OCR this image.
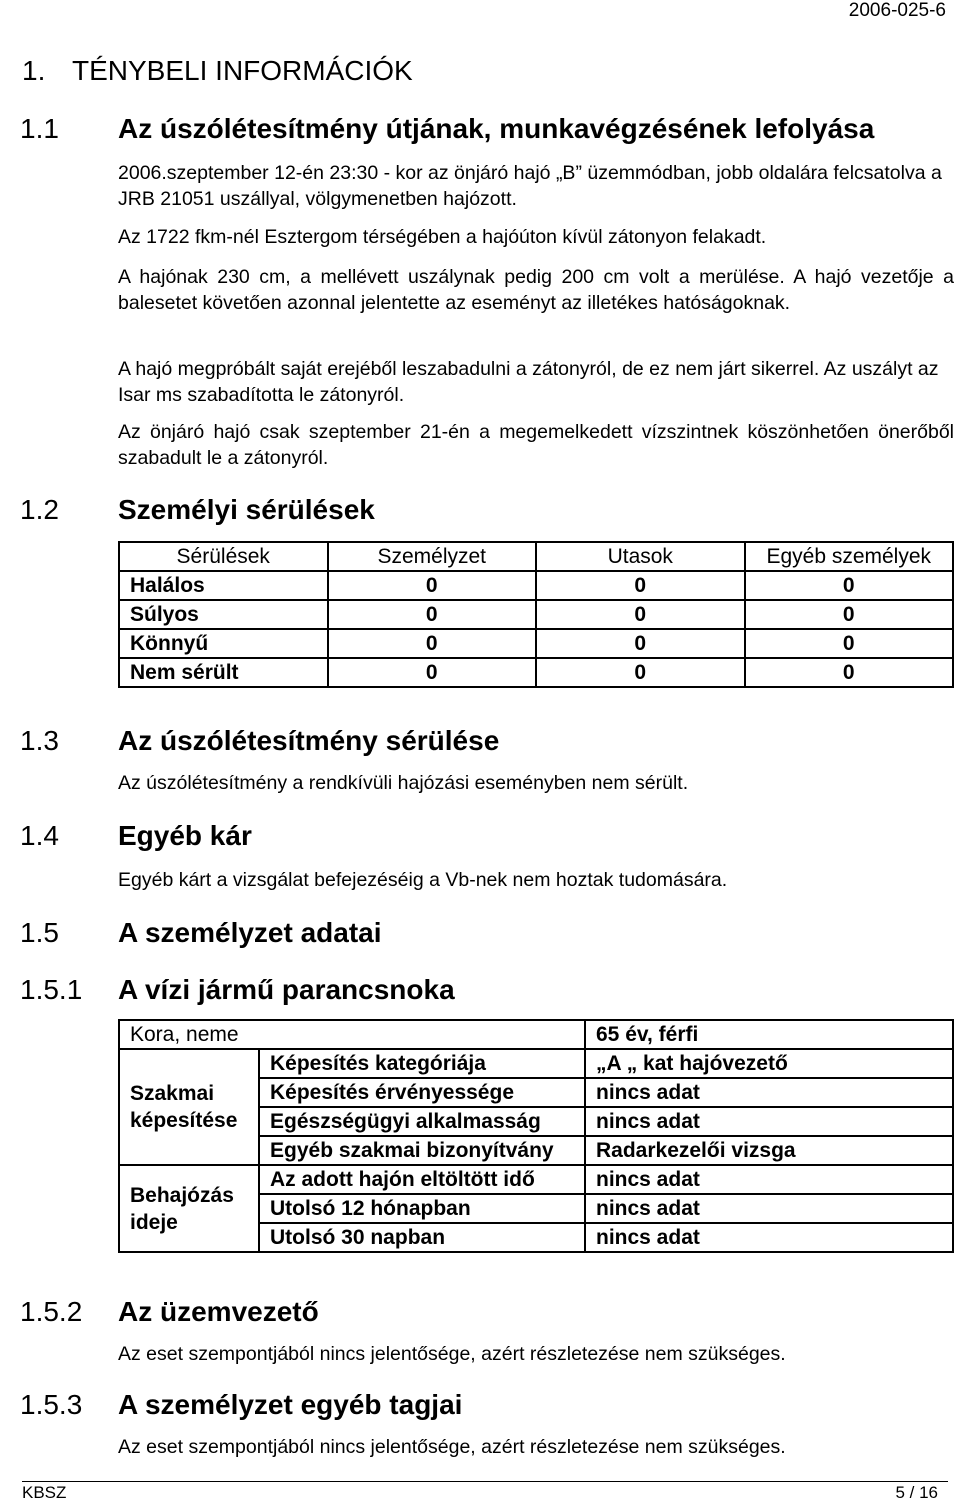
2006-025-6
1. TÉNYBELI INFORMÁCIÓK
1.1 Az úszólétesítmény útjának, munkavégzésének lefolyása
2006.szeptember 12-én 23:30 - kor az önjáró hajó „B” üzemmódban, jobb oldalára felcsatolva a JRB 21051 uszállyal, völgymenetben hajózott.
Az 1722 fkm-nél Esztergom térségében a hajóúton kívül zátonyon felakadt.
A hajónak 230 cm, a mellévett uszálynak pedig 200 cm volt a merülése. A hajó vezetője a balesetet követően azonnal jelentette az eseményt az illetékes hatóságoknak.
A hajó megpróbált saját erejéből leszabadulni a zátonyról, de ez nem járt sikerrel. Az uszályt az Isar ms szabadította le zátonyról.
Az önjáró hajó csak szeptember 21-én a megemelkedett vízszintnek köszönhetően önerőből szabadult le a zátonyról.
1.2 Személyi sérülések
Sérülések	Személyzet	Utasok	Egyéb személyek
Halálos	0	0	0
Súlyos	0	0	0
Könnyű	0	0	0
Nem sérült	0	0	0
1.3 Az úszólétesítmény sérülése
Az úszólétesítmény a rendkívüli hajózási eseményben nem sérült.
1.4 Egyéb kár
Egyéb kárt a vizsgálat befejezéséig a Vb-nek nem hoztak tudomására.
1.5 A személyzet adatai
1.5.1 A vízi jármű parancsnoka
Kora, neme		65 év, férfi
Szakmai képesítése	Képesítés kategóriája	„A „ kat hajóvezető
	Képesítés érvényessége	nincs adat
	Egészségügyi alkalmasság	nincs adat
	Egyéb szakmai bizonyítvány	Radarkezelői vizsga
Behajózás ideje	Az adott hajón eltöltött idő	nincs adat
	Utolsó 12 hónapban	nincs adat
	Utolsó 30 napban	nincs adat
1.5.2 Az üzemvezető
Az eset szempontjából nincs jelentősége, azért részletezése nem szükséges.
1.5.3 A személyzet egyéb tagjai
Az eset szempontjából nincs jelentősége, azért részletezése nem szükséges.
KBSZ	5 / 16
